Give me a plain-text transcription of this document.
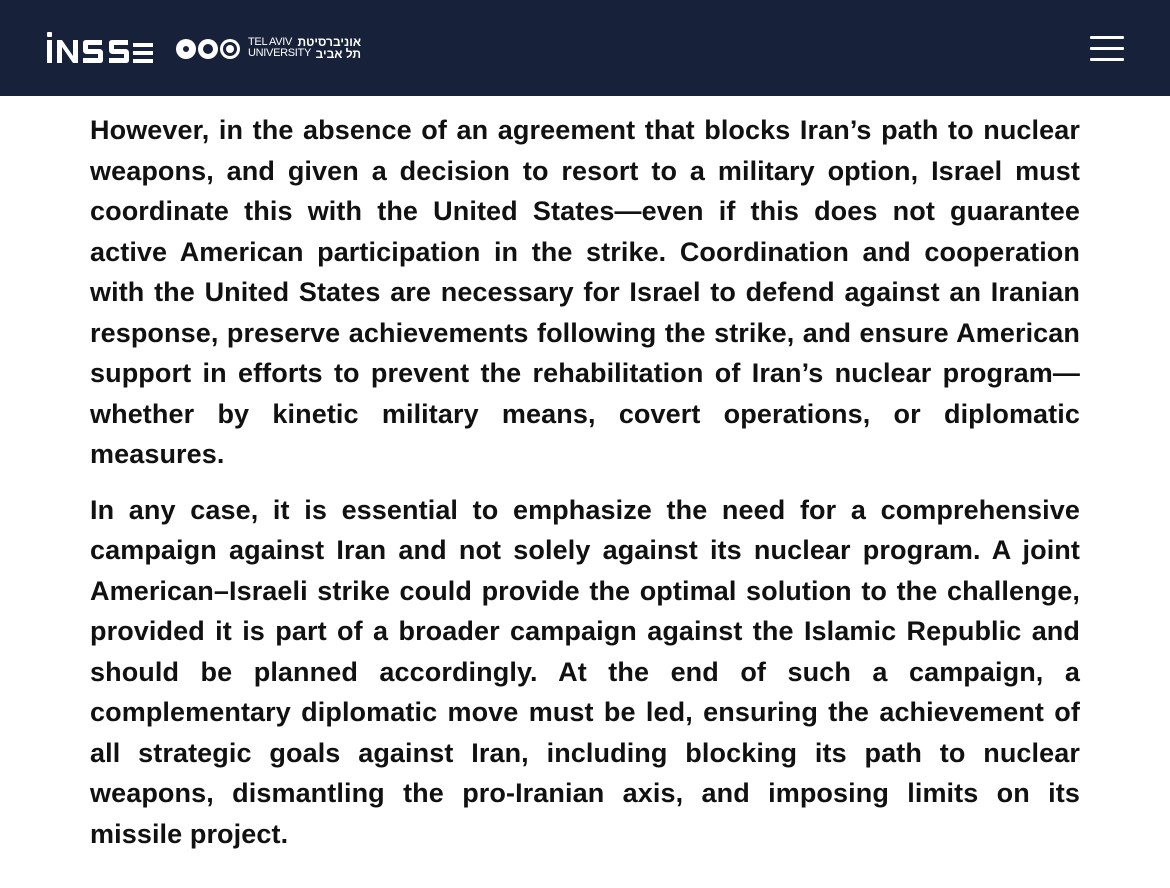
TEL AVIV
UNIVERSITY
אוניברסיטת
תל אביב

However, in the absence of an agreement that blocks Iran’s path to nuclear weapons, and given a decision to resort to a military option, Israel must coordinate this with the United States—even if this does not guarantee active American participation in the strike. Coordination and cooperation with the United States are necessary for Israel to defend against an Iranian response, preserve achievements following the strike, and ensure American support in efforts to prevent the rehabilitation of Iran’s nuclear program—whether by kinetic military means, covert operations, or diplomatic measures.

In any case, it is essential to emphasize the need for a comprehensive campaign against Iran and not solely against its nuclear program. A joint American–Israeli strike could provide the optimal solution to the challenge, provided it is part of a broader campaign against the Islamic Republic and should be planned accordingly. At the end of such a campaign, a complementary diplomatic move must be led, ensuring the achievement of all strategic goals against Iran, including blocking its path to nuclear weapons, dismantling the pro-Iranian axis, and imposing limits on its missile project.
